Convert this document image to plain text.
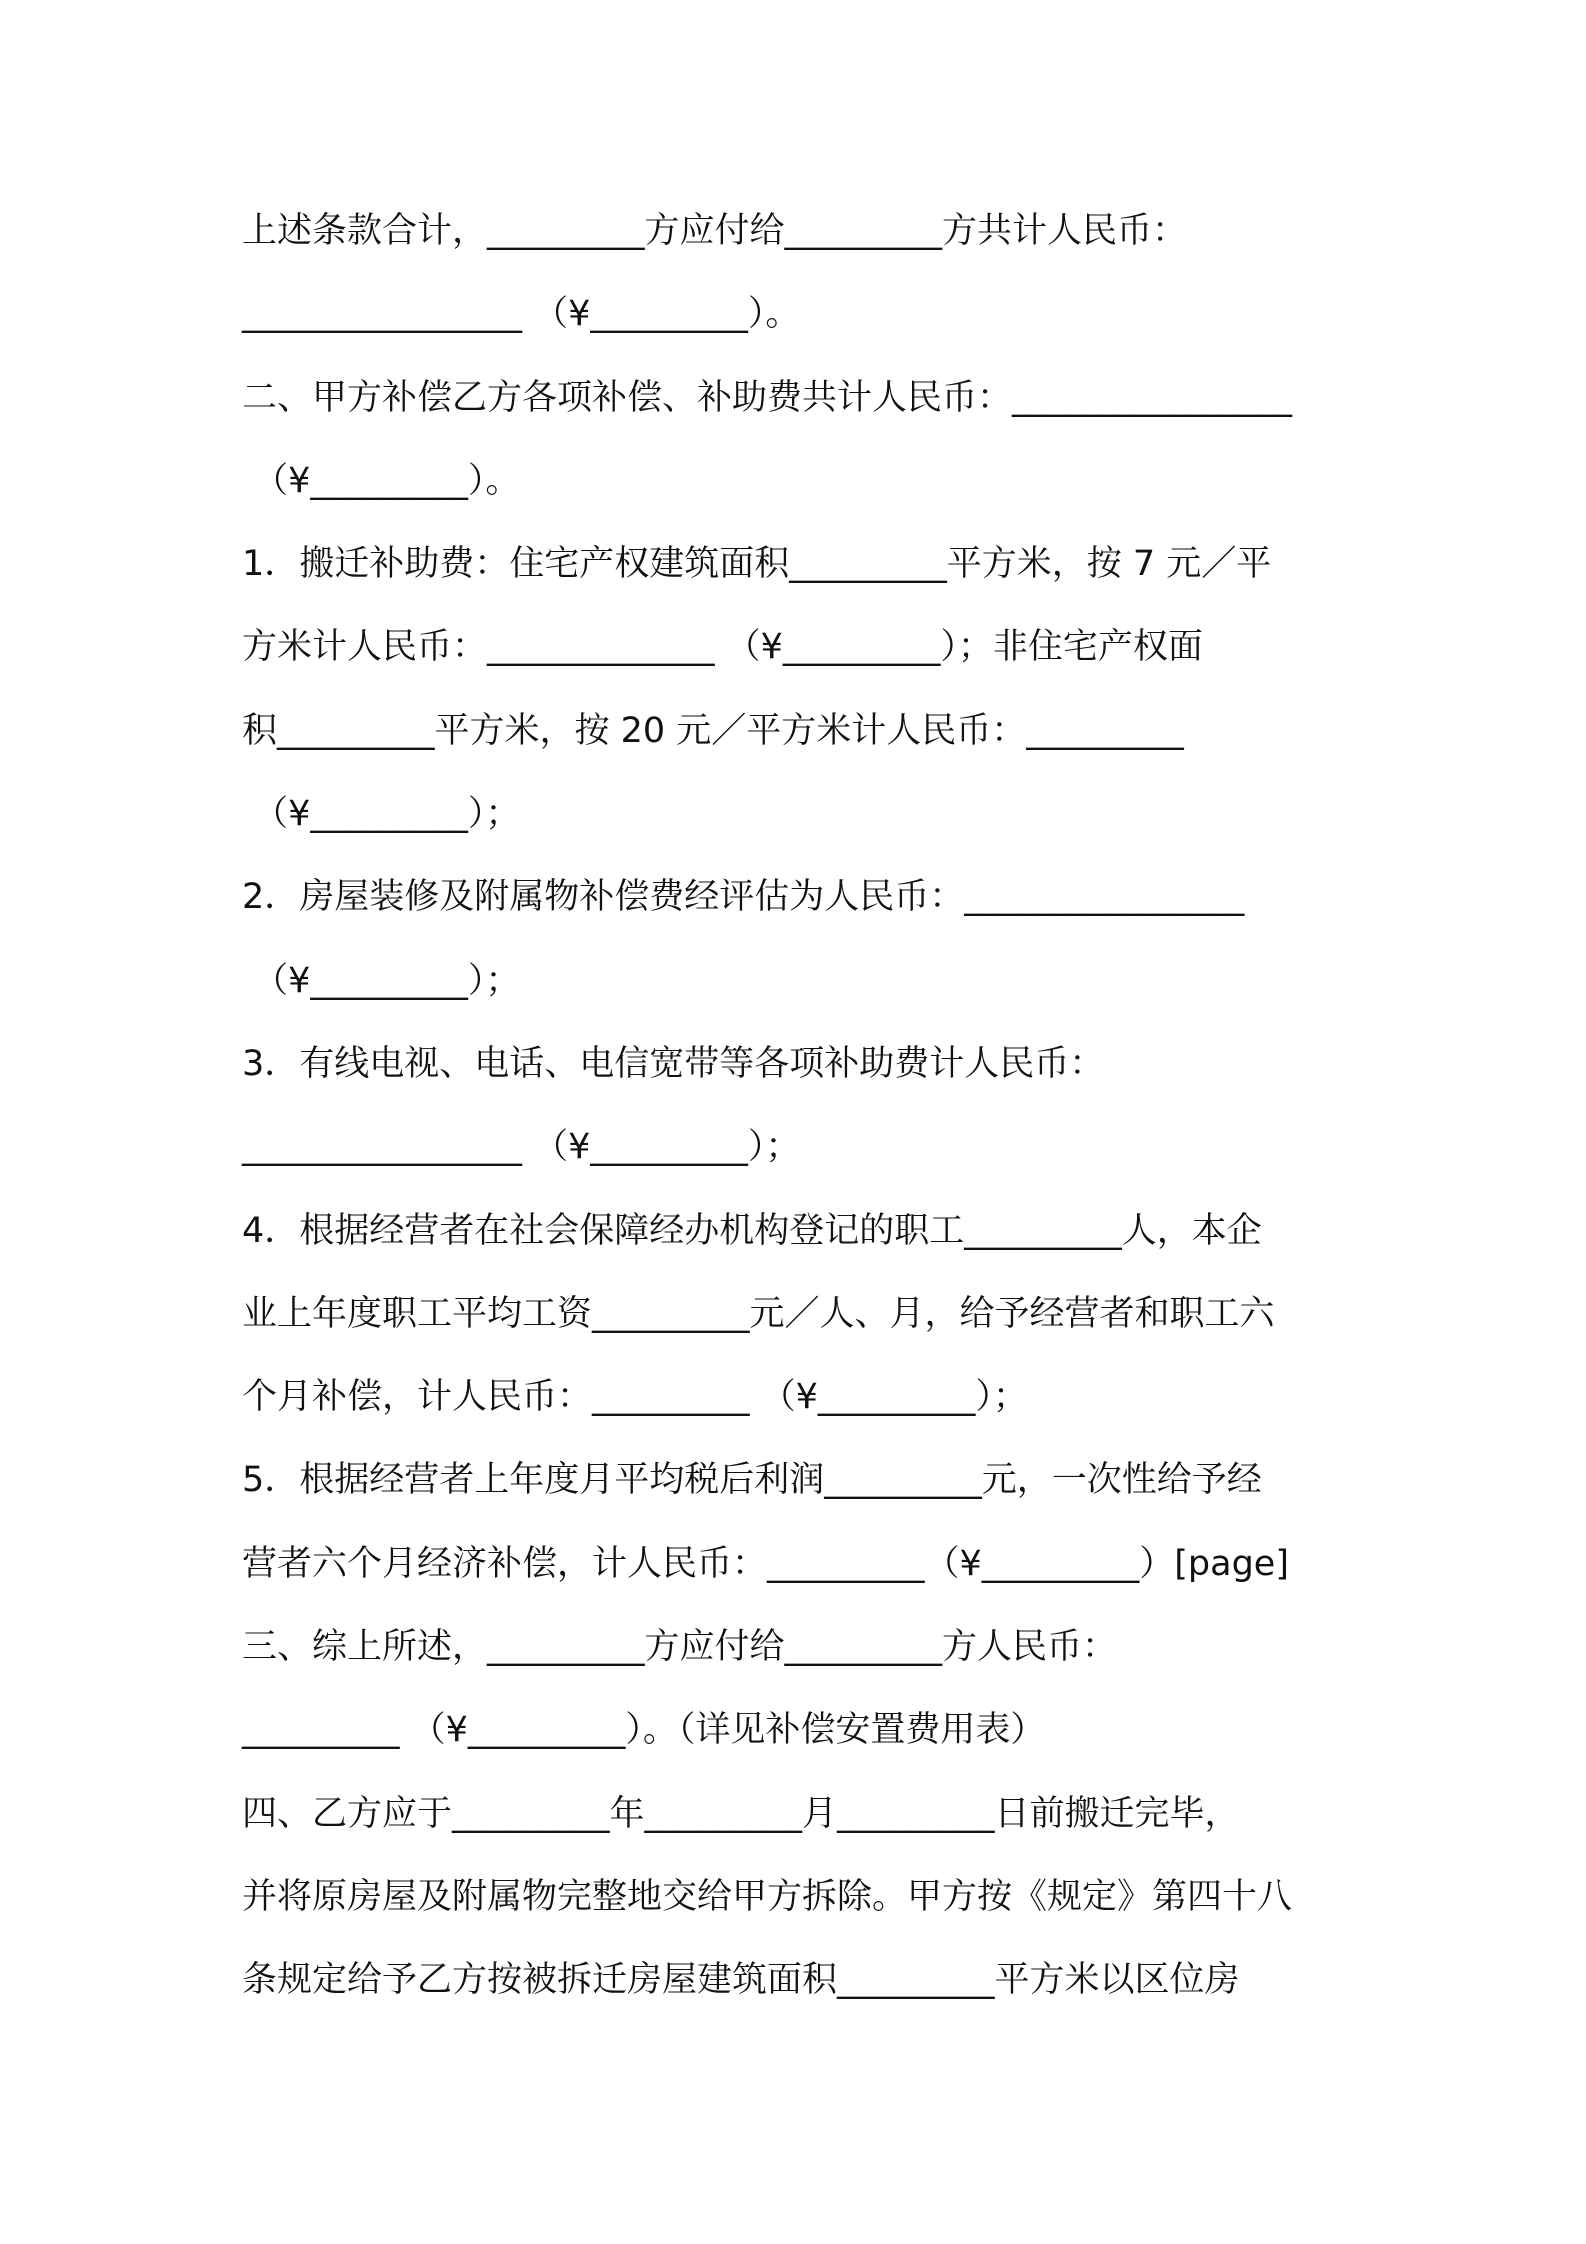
上述条款合计，_________方应付给_________方共计人民币：
________________ （¥_________）。
二、甲方补偿乙方各项补偿、补助费共计人民币：________________
（¥_________）。
1．搬迁补助费：住宅产权建筑面积_________平方米，按 7 元／平
方米计人民币：_____________ （¥_________）；非住宅产权面
积_________平方米，按 20 元／平方米计人民币：_________
（¥_________）；
2．房屋装修及附属物补偿费经评估为人民币：________________
（¥_________）；
3．有线电视、电话、电信宽带等各项补助费计人民币：
________________ （¥_________）；
4．根据经营者在社会保障经办机构登记的职工_________人，本企
业上年度职工平均工资_________元／人、月，给予经营者和职工六
个月补偿，计人民币：_________ （¥_________）；
5．根据经营者上年度月平均税后利润_________元，一次性给予经
营者六个月经济补偿，计人民币：_________（¥_________）[page]
三、综上所述，_________方应付给_________方人民币：
_________ （¥_________）。（详见补偿安置费用表）
四、乙方应于_________年_________月_________日前搬迁完毕，
并将原房屋及附属物完整地交给甲方拆除。甲方按《规定》第四十八
条规定给予乙方按被拆迁房屋建筑面积_________平方米以区位房
